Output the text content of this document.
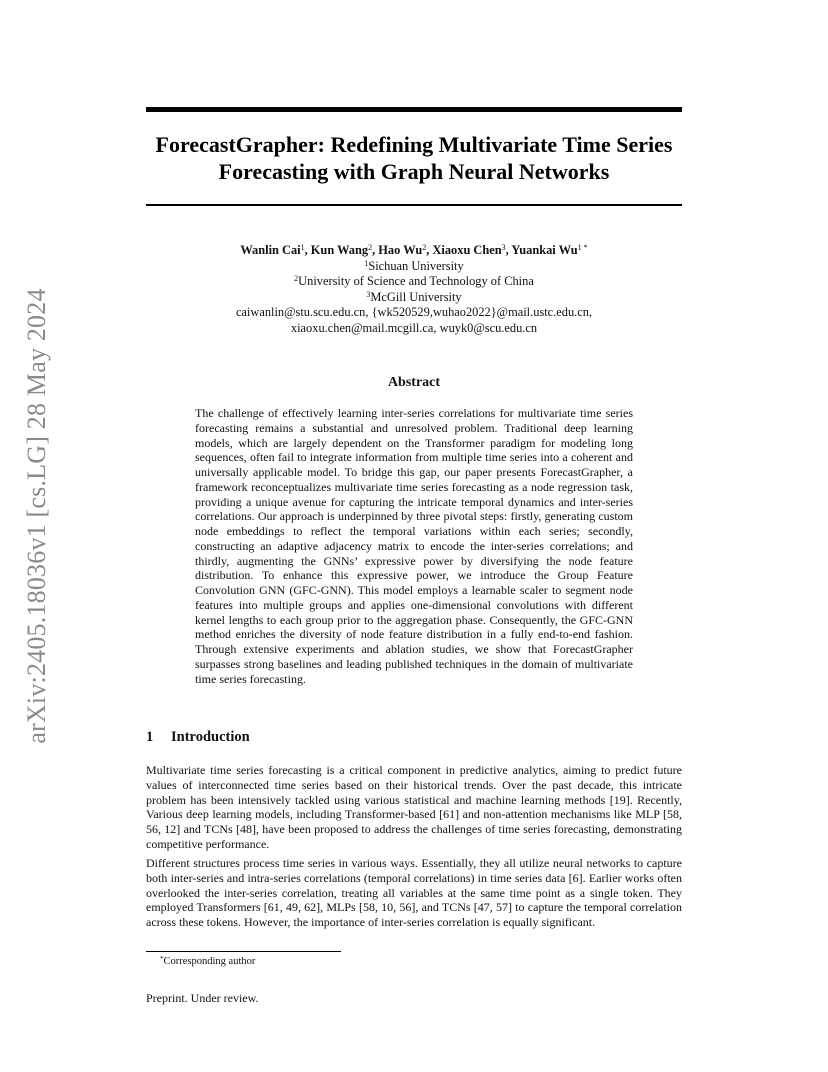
arXiv:2405.18036v1 [cs.LG] 28 May 2024
ForecastGrapher: Redefining Multivariate Time Series Forecasting with Graph Neural Networks
Wanlin Cai$^1$, Kun Wang$^2$, Hao Wu$^2$, Xiaoxu Chen$^3$, Yuankai $Wu^{1 *}$
$^1$Sichuan University
$^2$University of Science and Technology of China
$^3$McGill University
caiwanlin@stu.scu.edu.cn, {wk520529,wuhao2022}@mail.ustc.edu.cn,
xiaoxu.chen@mail.mcgill.ca, wuyk0@scu.edu.cn
Abstract

The challenge of effectively learning inter-series correlations for multivariate time series forecasting remains a substantial and unresolved problem. Traditional deep learning models, which are largely dependent on the Transformer paradigm for modeling long sequences, often fail to integrate information from multiple time series into a coherent and universally applicable model. To bridge this gap, our paper presents ForecastGrapher, a framework reconceptualizes multivariate time series forecasting as a node regression task, providing a unique avenue for capturing the intricate temporal dynamics and inter-series correlations. Our approach is underpinned by three pivotal steps: firstly, generating custom node embeddings to reflect the temporal variations within each series; secondly, constructing an adaptive adjacency matrix to encode the inter-series correlations; and thirdly, augmenting the GNNs’ expressive power by diversifying the node feature distribution. To enhance this expressive power, we introduce the Group Feature Convolution GNN (GFC-GNN). This model employs a learnable scaler to segment node features into multiple groups and applies one-dimensional convolutions with different kernel lengths to each group prior to the aggregation phase. Consequently, the GFC-GNN method enriches the diversity of node feature distribution in a fully end-to-end fashion. Through extensive experiments and ablation studies, we show that ForecastGrapher surpasses strong baselines and leading published techniques in the domain of multivariate time series forecasting.

1 Introduction

Multivariate time series forecasting is a critical component in predictive analytics, aiming to predict future values of interconnected time series based on their historical trends. Over the past decade, this intricate problem has been intensively tackled using various statistical and machine learning methods [19]. Recently, Various deep learning models, including Transformer-based [61] and non-attention mechanisms like MLP [58, 56, 12] and TCNs [48], have been proposed to address the challenges of time series forecasting, demonstrating competitive performance.

Different structures process time series in various ways. Essentially, they all utilize neural networks to capture both inter-series and intra-series correlations (temporal correlations) in time series data [6]. Earlier works often overlooked the inter-series correlation, treating all variables at the same time point as a single token. They employed Transformers [61, 49, 62], MLPs [58, 10, 56], and TCNs [47, 57] to capture the temporal correlation across these tokens. However, the importance of inter-series correlation is equally significant.

*Corresponding author
Preprint. Under review.
